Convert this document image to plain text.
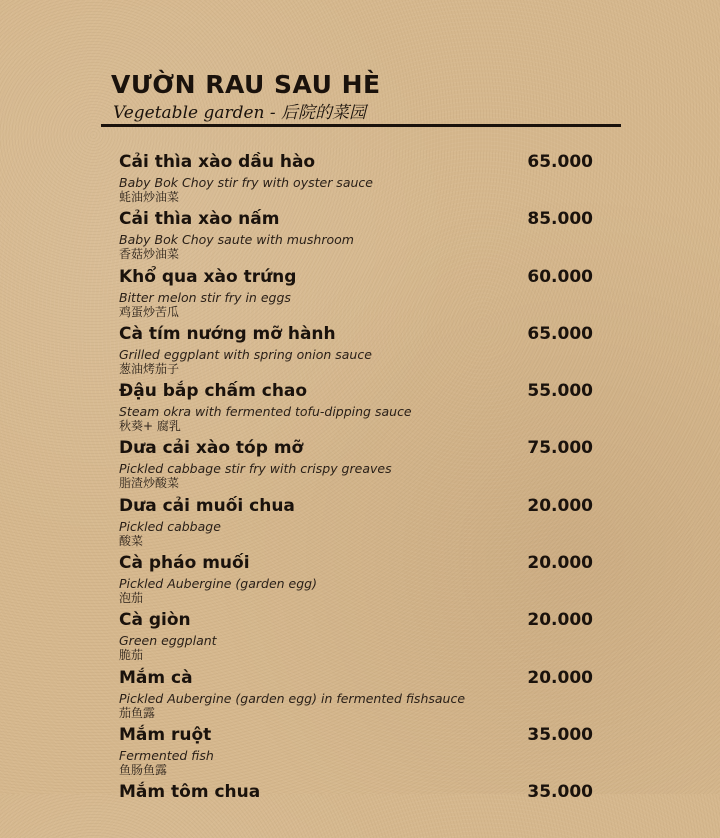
VƯỜN RAU SAU HÈ
Vegetable garden - 后院的菜园
Cải thìa xào dầu hào	65.000
Baby Bok Choy stir fry with oyster sauce
蚝油炒油菜
Cải thìa xào nấm	85.000
Baby Bok Choy saute with mushroom
香菇炒油菜
Khổ qua xào trứng	60.000
Bitter melon stir fry in eggs
鸡蛋炒苦瓜
Cà tím nướng mỡ hành	65.000
Grilled eggplant with spring onion sauce
葱油烤茄子
Đậu bắp chấm chao	55.000
Steam okra with fermented tofu-dipping sauce
秋葵+ 腐乳
Dưa cải xào tóp mỡ	75.000
Pickled cabbage stir fry with crispy greaves
脂渣炒酸菜
Dưa cải muối chua	20.000
Pickled cabbage
酸菜
Cà pháo muối	20.000
Pickled Aubergine (garden egg)
泡茄
Cà giòn	20.000
Green eggplant
脆茄
Mắm cà	20.000
Pickled Aubergine (garden egg) in fermented fishsauce
茄鱼露
Mắm ruột	35.000
Fermented fish
鱼肠鱼露
Mắm tôm chua	35.000
